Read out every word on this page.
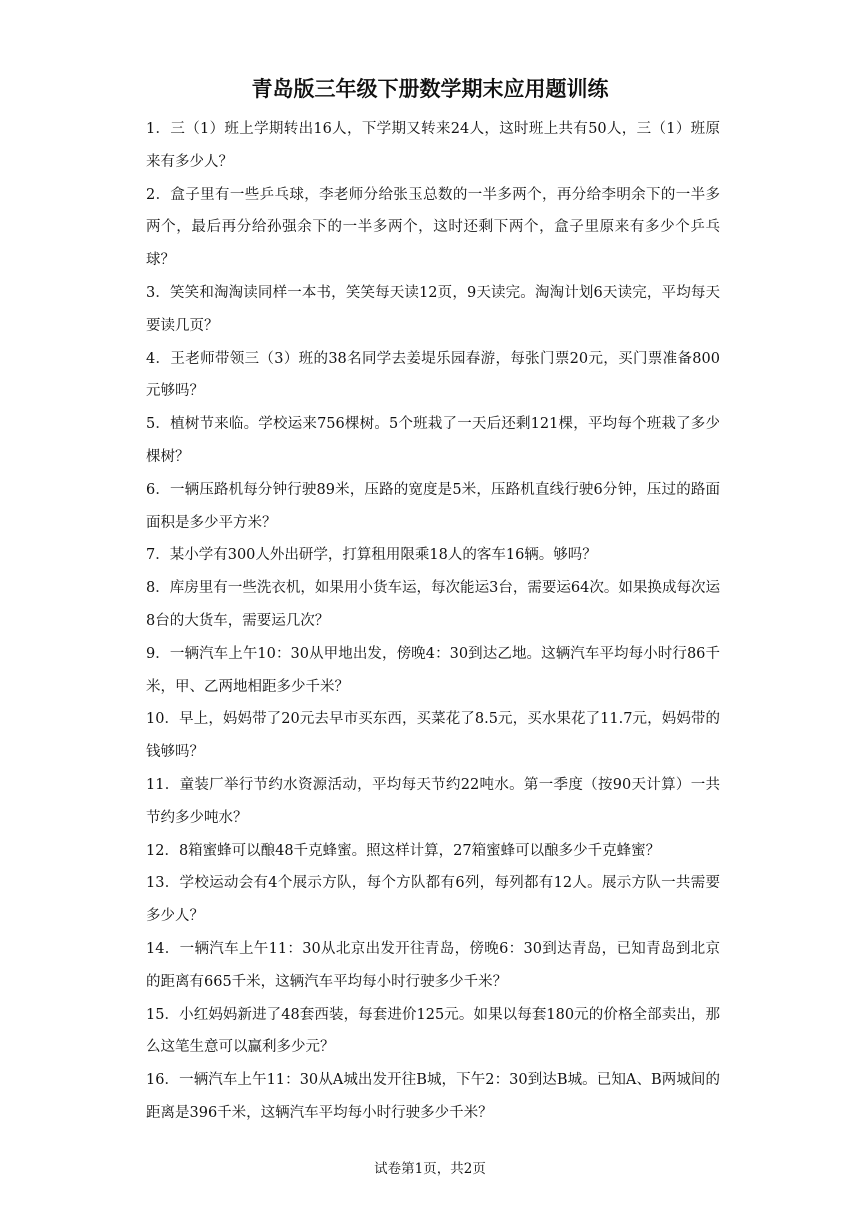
青岛版三年级下册数学期末应用题训练
1．三（1）班上学期转出16人，下学期又转来24人，这时班上共有50人，三（1）班原来有多少人？
2．盒子里有一些乒乓球，李老师分给张玉总数的一半多两个，再分给李明余下的一半多两个，最后再分给孙强余下的一半多两个，这时还剩下两个，盒子里原来有多少个乒乓球？
3．笑笑和淘淘读同样一本书，笑笑每天读12页，9天读完。淘淘计划6天读完，平均每天要读几页？
4．王老师带领三（3）班的38名同学去姜堤乐园春游，每张门票20元，买门票准备800元够吗？
5．植树节来临。学校运来756棵树。5个班栽了一天后还剩121棵，平均每个班栽了多少棵树？
6．一辆压路机每分钟行驶89米，压路的宽度是5米，压路机直线行驶6分钟，压过的路面面积是多少平方米？
7．某小学有300人外出研学，打算租用限乘18人的客车16辆。够吗？
8．库房里有一些洗衣机，如果用小货车运，每次能运3台，需要运64次。如果换成每次运8台的大货车，需要运几次？
9．一辆汽车上午10：30从甲地出发，傍晚4：30到达乙地。这辆汽车平均每小时行86千米，甲、乙两地相距多少千米？
10．早上，妈妈带了20元去早市买东西，买菜花了8.5元，买水果花了11.7元，妈妈带的钱够吗？
11．童装厂举行节约水资源活动，平均每天节约22吨水。第一季度（按90天计算）一共节约多少吨水？
12．8箱蜜蜂可以酿48千克蜂蜜。照这样计算，27箱蜜蜂可以酿多少千克蜂蜜？
13．学校运动会有4个展示方队，每个方队都有6列，每列都有12人。展示方队一共需要多少人？
14．一辆汽车上午11：30从北京出发开往青岛，傍晚6：30到达青岛，已知青岛到北京的距离有665千米，这辆汽车平均每小时行驶多少千米？
15．小红妈妈新进了48套西装，每套进价125元。如果以每套180元的价格全部卖出，那么这笔生意可以赢利多少元？
16．一辆汽车上午11：30从A城出发开往B城，下午2：30到达B城。已知A、B两城间的距离是396千米，这辆汽车平均每小时行驶多少千米？
试卷第1页，共2页
